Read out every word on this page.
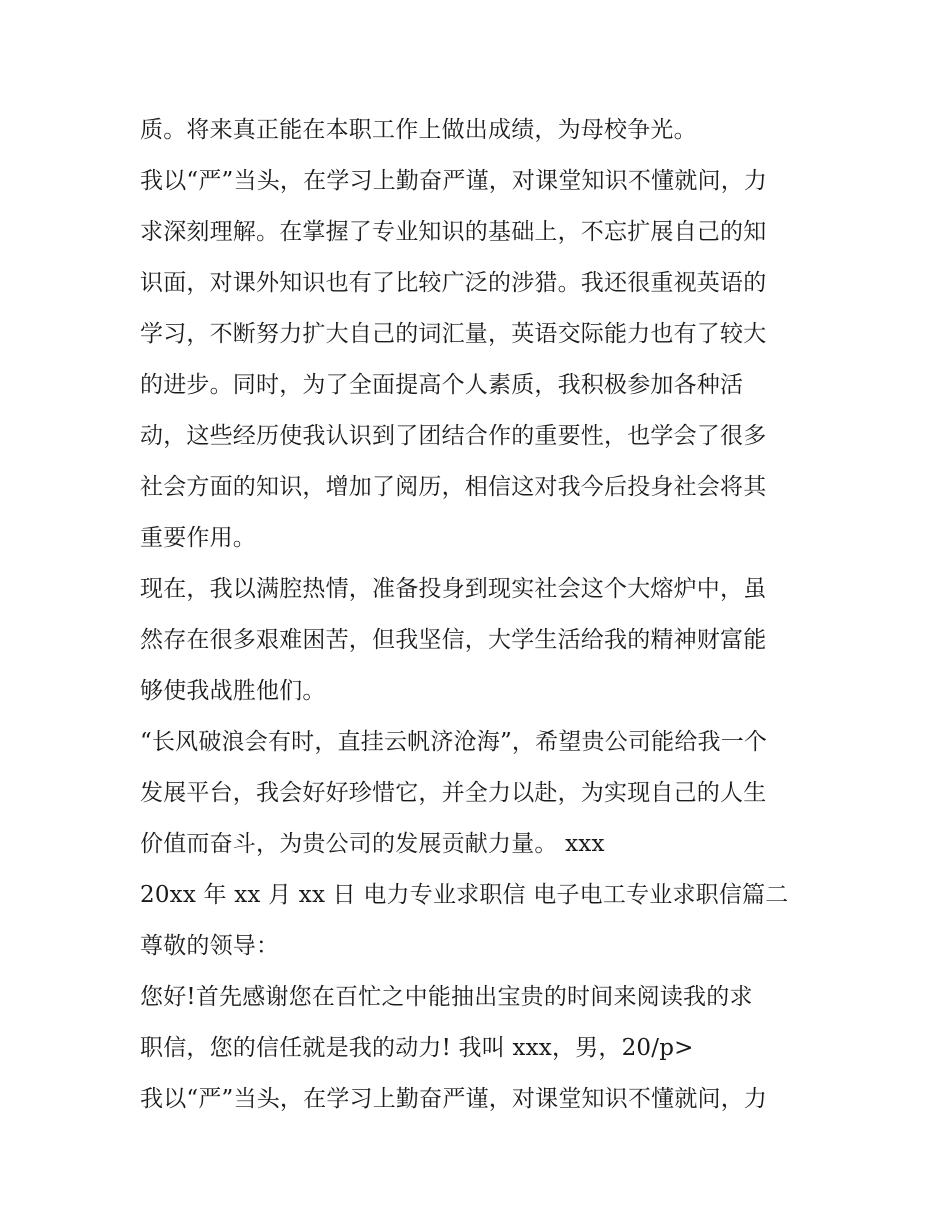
质。将来真正能在本职工作上做出成绩，为母校争光。
我以“严”当头，在学习上勤奋严谨，对课堂知识不懂就问，力
求深刻理解。在掌握了专业知识的基础上，不忘扩展自己的知
识面，对课外知识也有了比较广泛的涉猎。我还很重视英语的
学习，不断努力扩大自己的词汇量，英语交际能力也有了较大
的进步。同时，为了全面提高个人素质，我积极参加各种活
动，这些经历使我认识到了团结合作的重要性，也学会了很多
社会方面的知识，增加了阅历，相信这对我今后投身社会将其
重要作用。
现在，我以满腔热情，准备投身到现实社会这个大熔炉中，虽
然存在很多艰难困苦，但我坚信，大学生活给我的精神财富能
够使我战胜他们。
“长风破浪会有时，直挂云帆济沧海”，希望贵公司能给我一个
发展平台，我会好好珍惜它，并全力以赴，为实现自己的人生
价值而奋斗，为贵公司的发展贡献力量。 xxx
20xx 年 xx 月 xx 日 电力专业求职信 电子电工专业求职信篇二
尊敬的领导：
您好!首先感谢您在百忙之中能抽出宝贵的时间来阅读我的求
职信，您的信任就是我的动力! 我叫 xxx，男，20/p>
我以“严”当头，在学习上勤奋严谨，对课堂知识不懂就问，力
